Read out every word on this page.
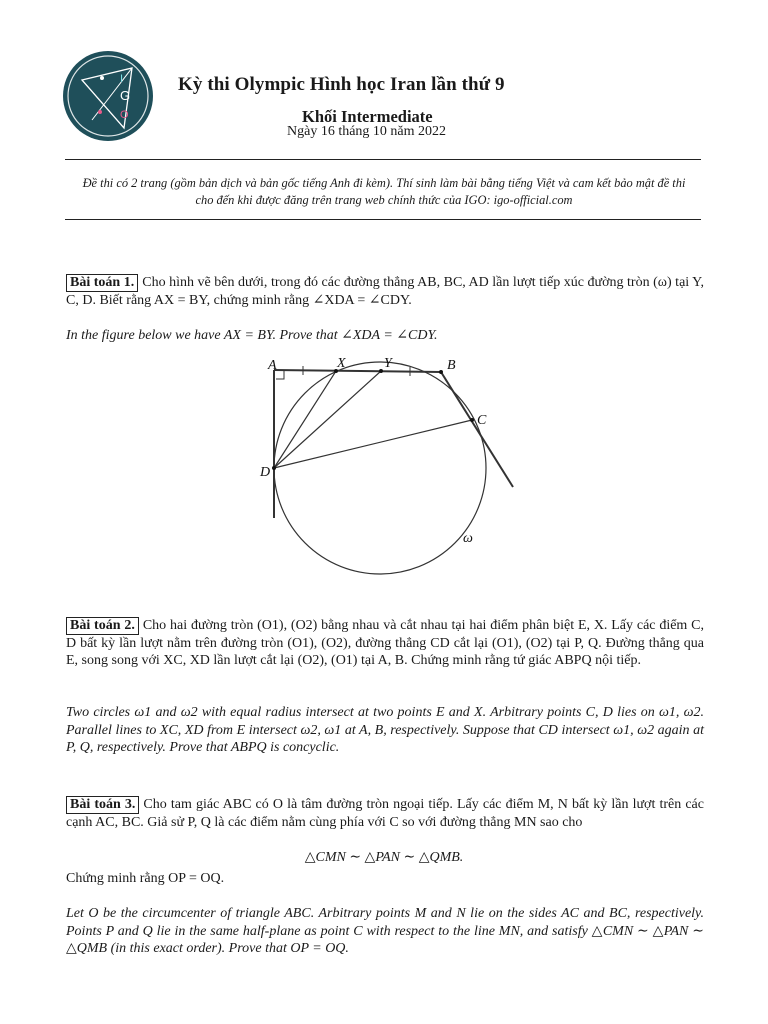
I
G
O
Kỳ thi Olympic Hình học Iran lần thứ 9
Khối Intermediate
Ngày 16 tháng 10 năm 2022
Đề thi có 2 trang (gồm bản dịch và bản gốc tiếng Anh đi kèm). Thí sinh làm bài bằng tiếng Việt và cam kết bảo mật đề thi cho đến khi được đăng trên trang web chính thức của IGO: igo-official.com
Bài toán 1. Cho hình vẽ bên dưới, trong đó các đường thẳng AB, BC, AD lần lượt tiếp xúc đường tròn (ω) tại Y, C, D. Biết rằng AX = BY, chứng minh rằng ∠XDA = ∠CDY.
In the figure below we have AX = BY. Prove that ∠XDA = ∠CDY.
A	X	Y	B
C
D
ω
Bài toán 2. Cho hai đường tròn (O1), (O2) bằng nhau và cắt nhau tại hai điểm phân biệt E, X. Lấy các điểm C, D bất kỳ lần lượt nằm trên đường tròn (O1), (O2), đường thẳng CD cắt lại (O1), (O2) tại P, Q. Đường thẳng qua E, song song với XC, XD lần lượt cắt lại (O2), (O1) tại A, B. Chứng minh rằng tứ giác ABPQ nội tiếp.
Two circles ω1 and ω2 with equal radius intersect at two points E and X. Arbitrary points C, D lies on ω1, ω2. Parallel lines to XC, XD from E intersect ω2, ω1 at A, B, respectively. Suppose that CD intersect ω1, ω2 again at P, Q, respectively. Prove that ABPQ is concyclic.
Bài toán 3. Cho tam giác ABC có O là tâm đường tròn ngoại tiếp. Lấy các điểm M, N bất kỳ lần lượt trên các cạnh AC, BC. Giả sử P, Q là các điểm nằm cùng phía với C so với đường thẳng MN sao cho
△CMN ∼ △PAN ∼ △QMB.
Chứng minh rằng OP = OQ.
Let O be the circumcenter of triangle ABC. Arbitrary points M and N lie on the sides AC and BC, respectively. Points P and Q lie in the same half-plane as point C with respect to the line MN, and satisfy △CMN ∼ △PAN ∼ △QMB (in this exact order). Prove that OP = OQ.
